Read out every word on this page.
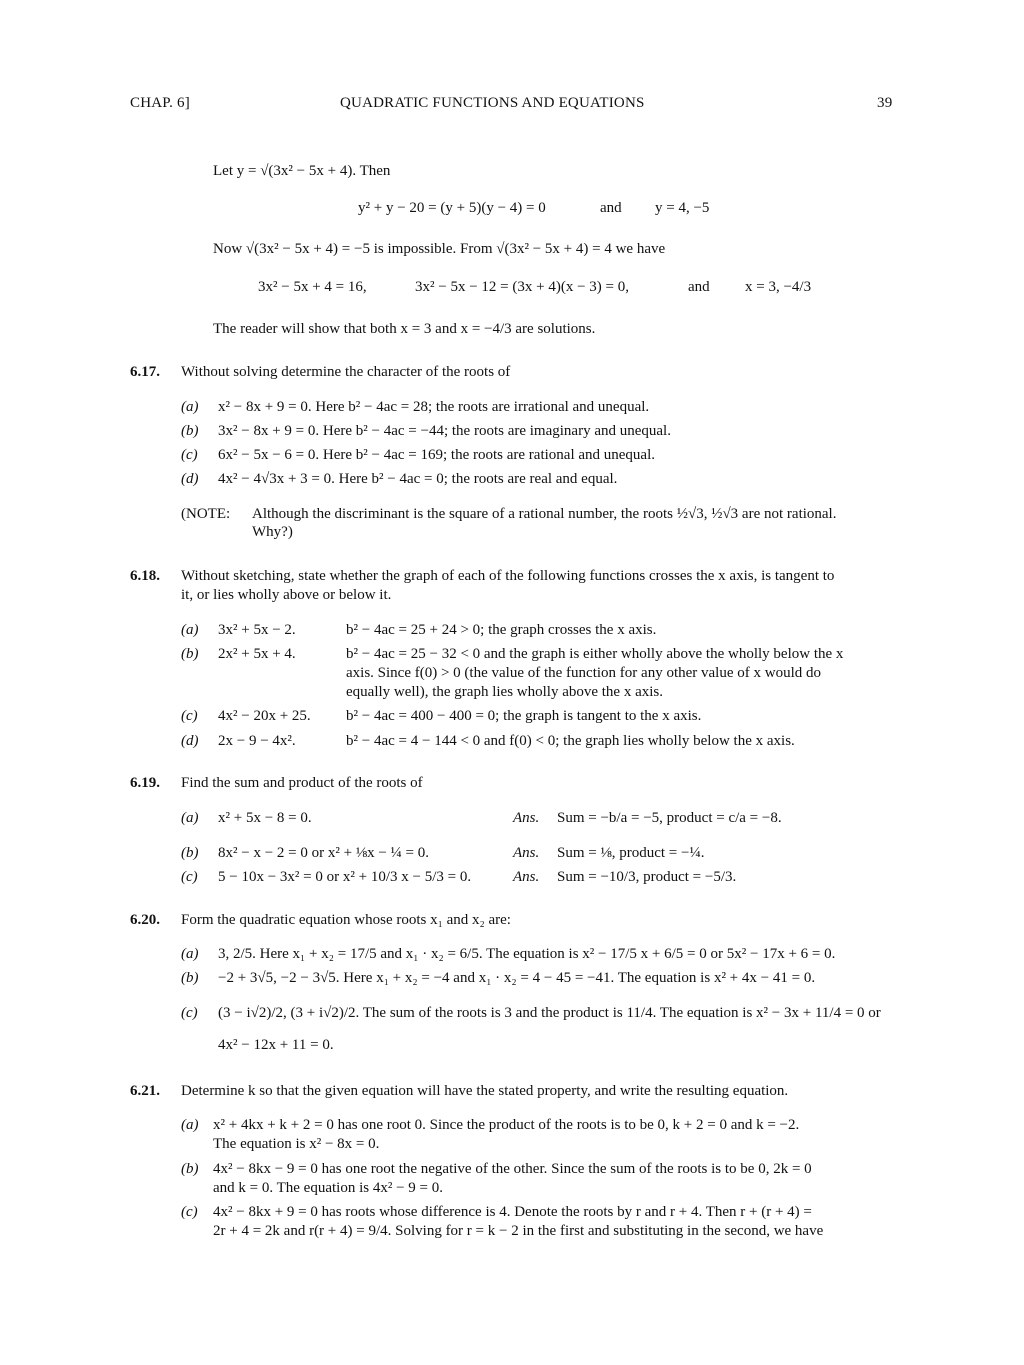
CHAP. 6]	QUADRATIC FUNCTIONS AND EQUATIONS	39
Let y = √(3x² − 5x + 4). Then
y² + y − 20 = (y + 5)(y − 4) = 0	and y = 4, −5
Now √(3x² − 5x + 4) = −5 is impossible. From √(3x² − 5x + 4) = 4 we have
3x² − 5x + 4 = 16,	3x² − 5x − 12 = (3x + 4)(x − 3) = 0,	and x = 3, −4/3
The reader will show that both x = 3 and x = −4/3 are solutions.
6.17. Without solving determine the character of the roots of
(a) x² − 8x + 9 = 0. Here b² − 4ac = 28; the roots are irrational and unequal.
(b) 3x² − 8x + 9 = 0. Here b² − 4ac = −44; the roots are imaginary and unequal.
(c) 6x² − 5x − 6 = 0. Here b² − 4ac = 169; the roots are rational and unequal.
(d) 4x² − 4√3x + 3 = 0. Here b² − 4ac = 0; the roots are real and equal.
(NOTE: Although the discriminant is the square of a rational number, the roots ½√3, ½√3 are not rational.
Why?)
6.18. Without sketching, state whether the graph of each of the following functions crosses the x axis, is tangent to
it, or lies wholly above or below it.
(a) 3x² + 5x − 2.	b² − 4ac = 25 + 24 > 0; the graph crosses the x axis.
(b) 2x² + 5x + 4.	b² − 4ac = 25 − 32 < 0 and the graph is either wholly above the wholly below the x
axis. Since f(0) > 0 (the value of the function for any other value of x would do
equally well), the graph lies wholly above the x axis.
(c) 4x² − 20x + 25. b² − 4ac = 400 − 400 = 0; the graph is tangent to the x axis.
(d) 2x − 9 − 4x².	b² − 4ac = 4 − 144 < 0 and f(0) < 0; the graph lies wholly below the x axis.
6.19. Find the sum and product of the roots of
(a) x² + 5x − 8 = 0.	Ans. Sum = −b/a = −5, product = c/a = −8.
(b) 8x² − x − 2 = 0 or x² + ⅛x − ¼ = 0.	Ans. Sum = ⅛, product = −¼.
(c) 5 − 10x − 3x² = 0 or x² + 10/3 x − 5/3 = 0.	Ans. Sum = −10/3, product = −5/3.
6.20. Form the quadratic equation whose roots x₁ and x₂ are:
(a) 3, 2/5. Here x₁ + x₂ = 17/5 and x₁ · x₂ = 6/5. The equation is x² − 17/5 x + 6/5 = 0 or 5x² − 17x + 6 = 0.
(b) −2 + 3√5, −2 − 3√5. Here x₁ + x₂ = −4 and x₁ · x₂ = 4 − 45 = −41. The equation is x² + 4x − 41 = 0.
(c) (3 − i√2)/2, (3 + i√2)/2. The sum of the roots is 3 and the product is 11/4. The equation is x² − 3x + 11/4 = 0 or
4x² − 12x + 11 = 0.
6.21. Determine k so that the given equation will have the stated property, and write the resulting equation.
(a) x² + 4kx + k + 2 = 0 has one root 0. Since the product of the roots is to be 0, k + 2 = 0 and k = −2.
The equation is x² − 8x = 0.
(b) 4x² − 8kx − 9 = 0 has one root the negative of the other. Since the sum of the roots is to be 0, 2k = 0
and k = 0. The equation is 4x² − 9 = 0.
(c) 4x² − 8kx + 9 = 0 has roots whose difference is 4. Denote the roots by r and r + 4. Then r + (r + 4) =
2r + 4 = 2k and r(r + 4) = 9/4. Solving for r = k − 2 in the first and substituting in the second, we have
